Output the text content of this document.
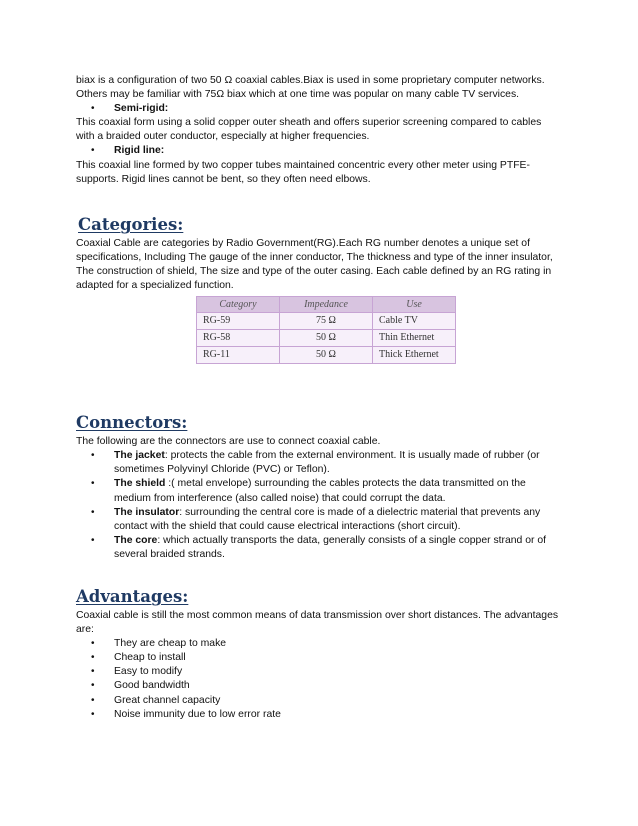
biax is a configuration of two 50 Ω coaxial cables.Biax is used in some proprietary computer networks. Others may be familiar with 75Ω biax which at one time was popular on many cable TV services.

•	Semi-rigid:

This coaxial form using a solid copper outer sheath and offers superior screening compared to cables with a braided outer conductor, especially at higher frequencies.

•	Rigid line:

This coaxial line formed by two copper tubes maintained concentric every other meter using PTFE-supports. Rigid lines cannot be bent, so they often need elbows.

Categories:

Coaxial Cable are categories by Radio Government(RG).Each RG number denotes a unique set of specifications, Including The gauge of the inner conductor, The thickness and type of the inner insulator, The construction of shield, The size and type of the outer casing. Each cable defined by an RG rating in adapted for a specialized function.

Category	Impedance	Use
RG-59	75 Ω	Cable TV
RG-58	50 Ω	Thin Ethernet
RG-11	50 Ω	Thick Ethernet
Connectors:

The following are the connectors are use to connect coaxial cable.

•	The jacket: protects the cable from the external environment. It is usually made of rubber (or sometimes Polyvinyl Chloride (PVC) or Teflon).
•	The shield :( metal envelope) surrounding the cables protects the data transmitted on the medium from interference (also called noise) that could corrupt the data.
•	The insulator: surrounding the central core is made of a dielectric material that prevents any contact with the shield that could cause electrical interactions (short circuit).
•	The core: which actually transports the data, generally consists of a single copper strand or of several braided strands.
Advantages:

Coaxial cable is still the most common means of data transmission over short distances. The advantages are:

•	They are cheap to make
•	Cheap to install
•	Easy to modify
•	Good bandwidth
•	Great channel capacity
•	Noise immunity due to low error rate
